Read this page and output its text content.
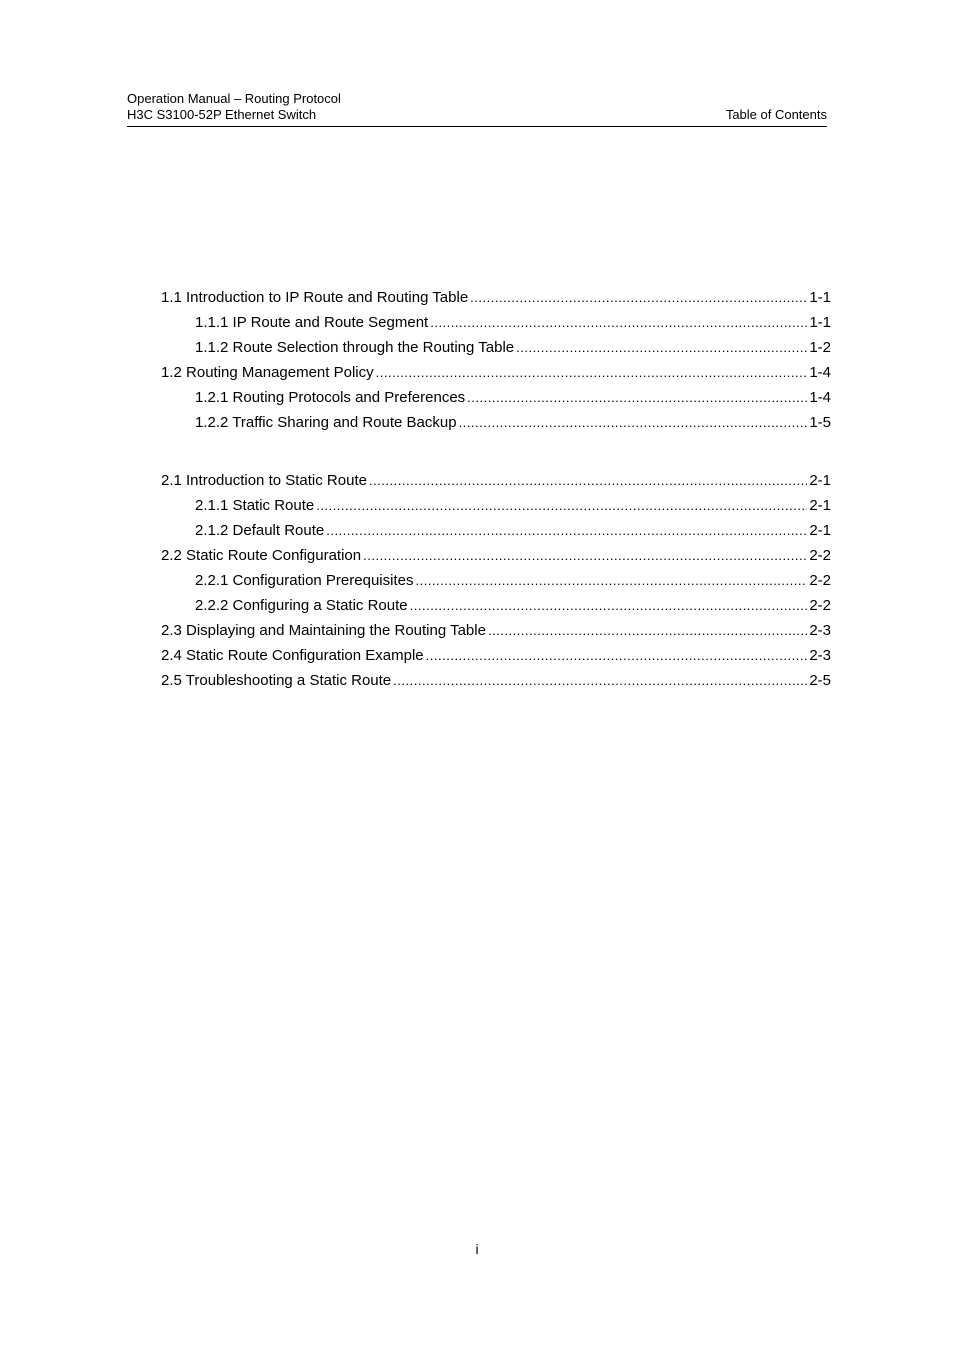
Operation Manual – Routing Protocol
H3C S3100-52P Ethernet Switch	Table of Contents
1.1 Introduction to IP Route and Routing Table .....	1-1
1.1.1 IP Route and Route Segment .....	1-1
1.1.2 Route Selection through the Routing Table .....	1-2
1.2 Routing Management Policy .....	1-4
1.2.1 Routing Protocols and Preferences .....	1-4
1.2.2 Traffic Sharing and Route Backup .....	1-5
2.1 Introduction to Static Route .....	2-1
2.1.1 Static Route .....	2-1
2.1.2 Default Route .....	2-1
2.2 Static Route Configuration .....	2-2
2.2.1 Configuration Prerequisites .....	2-2
2.2.2 Configuring a Static Route .....	2-2
2.3 Displaying and Maintaining the Routing Table .....	2-3
2.4 Static Route Configuration Example .....	2-3
2.5 Troubleshooting a Static Route .....	2-5
i
